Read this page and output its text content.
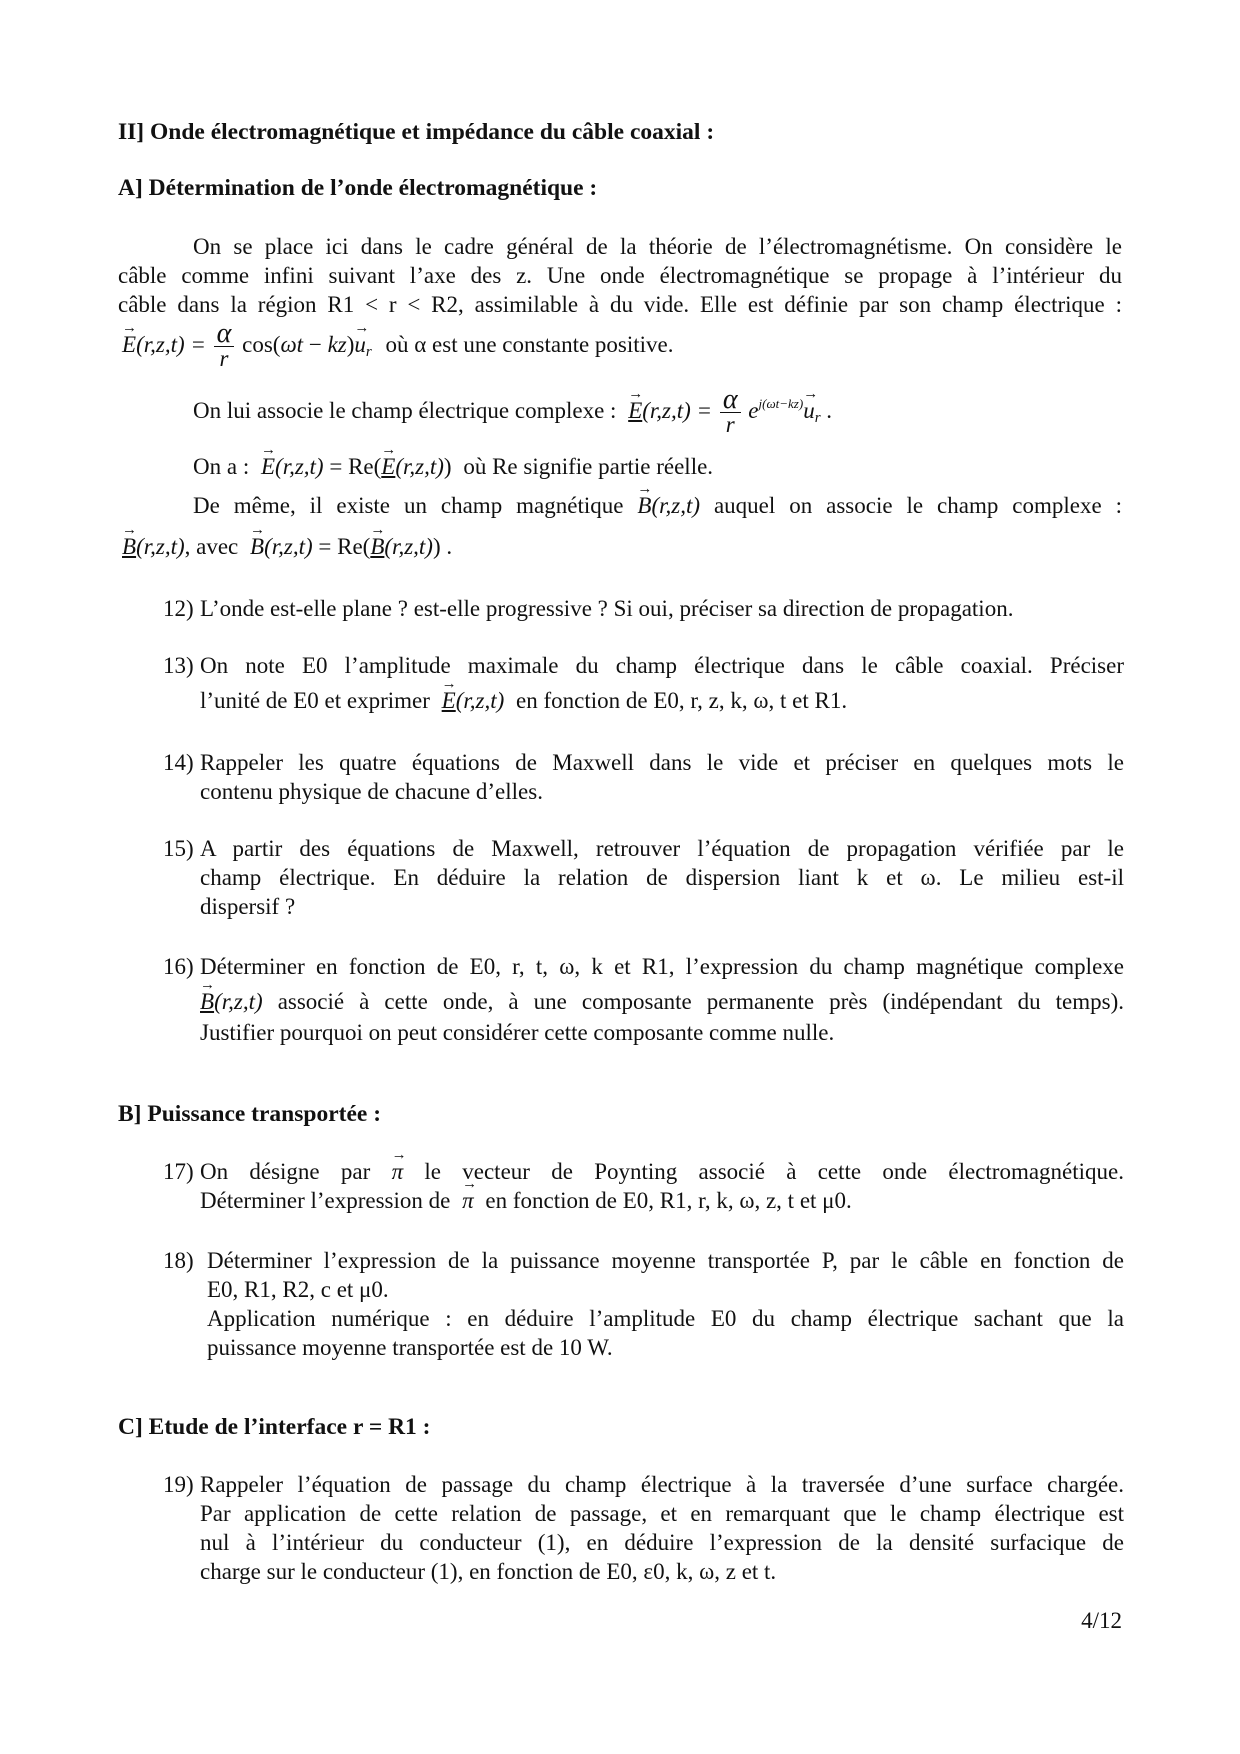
II] Onde électromagnétique et impédance du câble coaxial :
A] Détermination de l’onde électromagnétique :
On se place ici dans le cadre général de la théorie de l’électromagnétisme. On considère le
câble comme infini suivant l’axe des z. Une onde électromagnétique se propage à l’intérieur du
câble dans la région R1 < r < R2, assimilable à du vide. Elle est définie par son champ électrique :
→ $E(r,z,t) = \frac{\alpha}{r} \cos(\omega t - kz)\to u_r$ où α est une constante positive.
On lui associe le champ électrique complexe : → $E(r,z,t) = \frac{\alpha}{r} e^{j(\omega t-kz)}\to u_r$ .
On a : → E(r,z,t) = Re(→ E(r,z,t)) où Re signifie partie réelle.
De même, il existe un champ magnétique → B(r,z,t) auquel on associe le champ complexe :
→ B(r,z,t), avec → B(r,z,t) = Re(→ B(r,z,t)) .
12) L’onde est-elle plane ? est-elle progressive ? Si oui, préciser sa direction de propagation.
13) On note E0 l’amplitude maximale du champ électrique dans le câble coaxial. Préciser
l’unité de E0 et exprimer → E(r,z,t) en fonction de E0, r, z, k, ω, t et R1.
14) Rappeler les quatre équations de Maxwell dans le vide et préciser en quelques mots le
contenu physique de chacune d’elles.
15) A partir des équations de Maxwell, retrouver l’équation de propagation vérifiée par le
champ électrique. En déduire la relation de dispersion liant k et ω. Le milieu est-il
dispersif ?
16) Déterminer en fonction de E0, r, t, ω, k et R1, l’expression du champ magnétique complexe
→ B(r,z,t) associé à cette onde, à une composante permanente près (indépendant du temps).
Justifier pourquoi on peut considérer cette composante comme nulle.
B] Puissance transportée :
17) On désigne par → π le vecteur de Poynting associé à cette onde électromagnétique.
Déterminer l’expression de → π en fonction de E0, R1, r, k, ω, z, t et μ0.
18) Déterminer l’expression de la puissance moyenne transportée P, par le câble en fonction de
E0, R1, R2, c et μ0.
Application numérique : en déduire l’amplitude E0 du champ électrique sachant que la
puissance moyenne transportée est de 10 W.
C] Etude de l’interface r = R1 :
19) Rappeler l’équation de passage du champ électrique à la traversée d’une surface chargée.
Par application de cette relation de passage, et en remarquant que le champ électrique est
nul à l’intérieur du conducteur (1), en déduire l’expression de la densité surfacique de
charge sur le conducteur (1), en fonction de E0, ε0, k, ω, z et t.
4/12
